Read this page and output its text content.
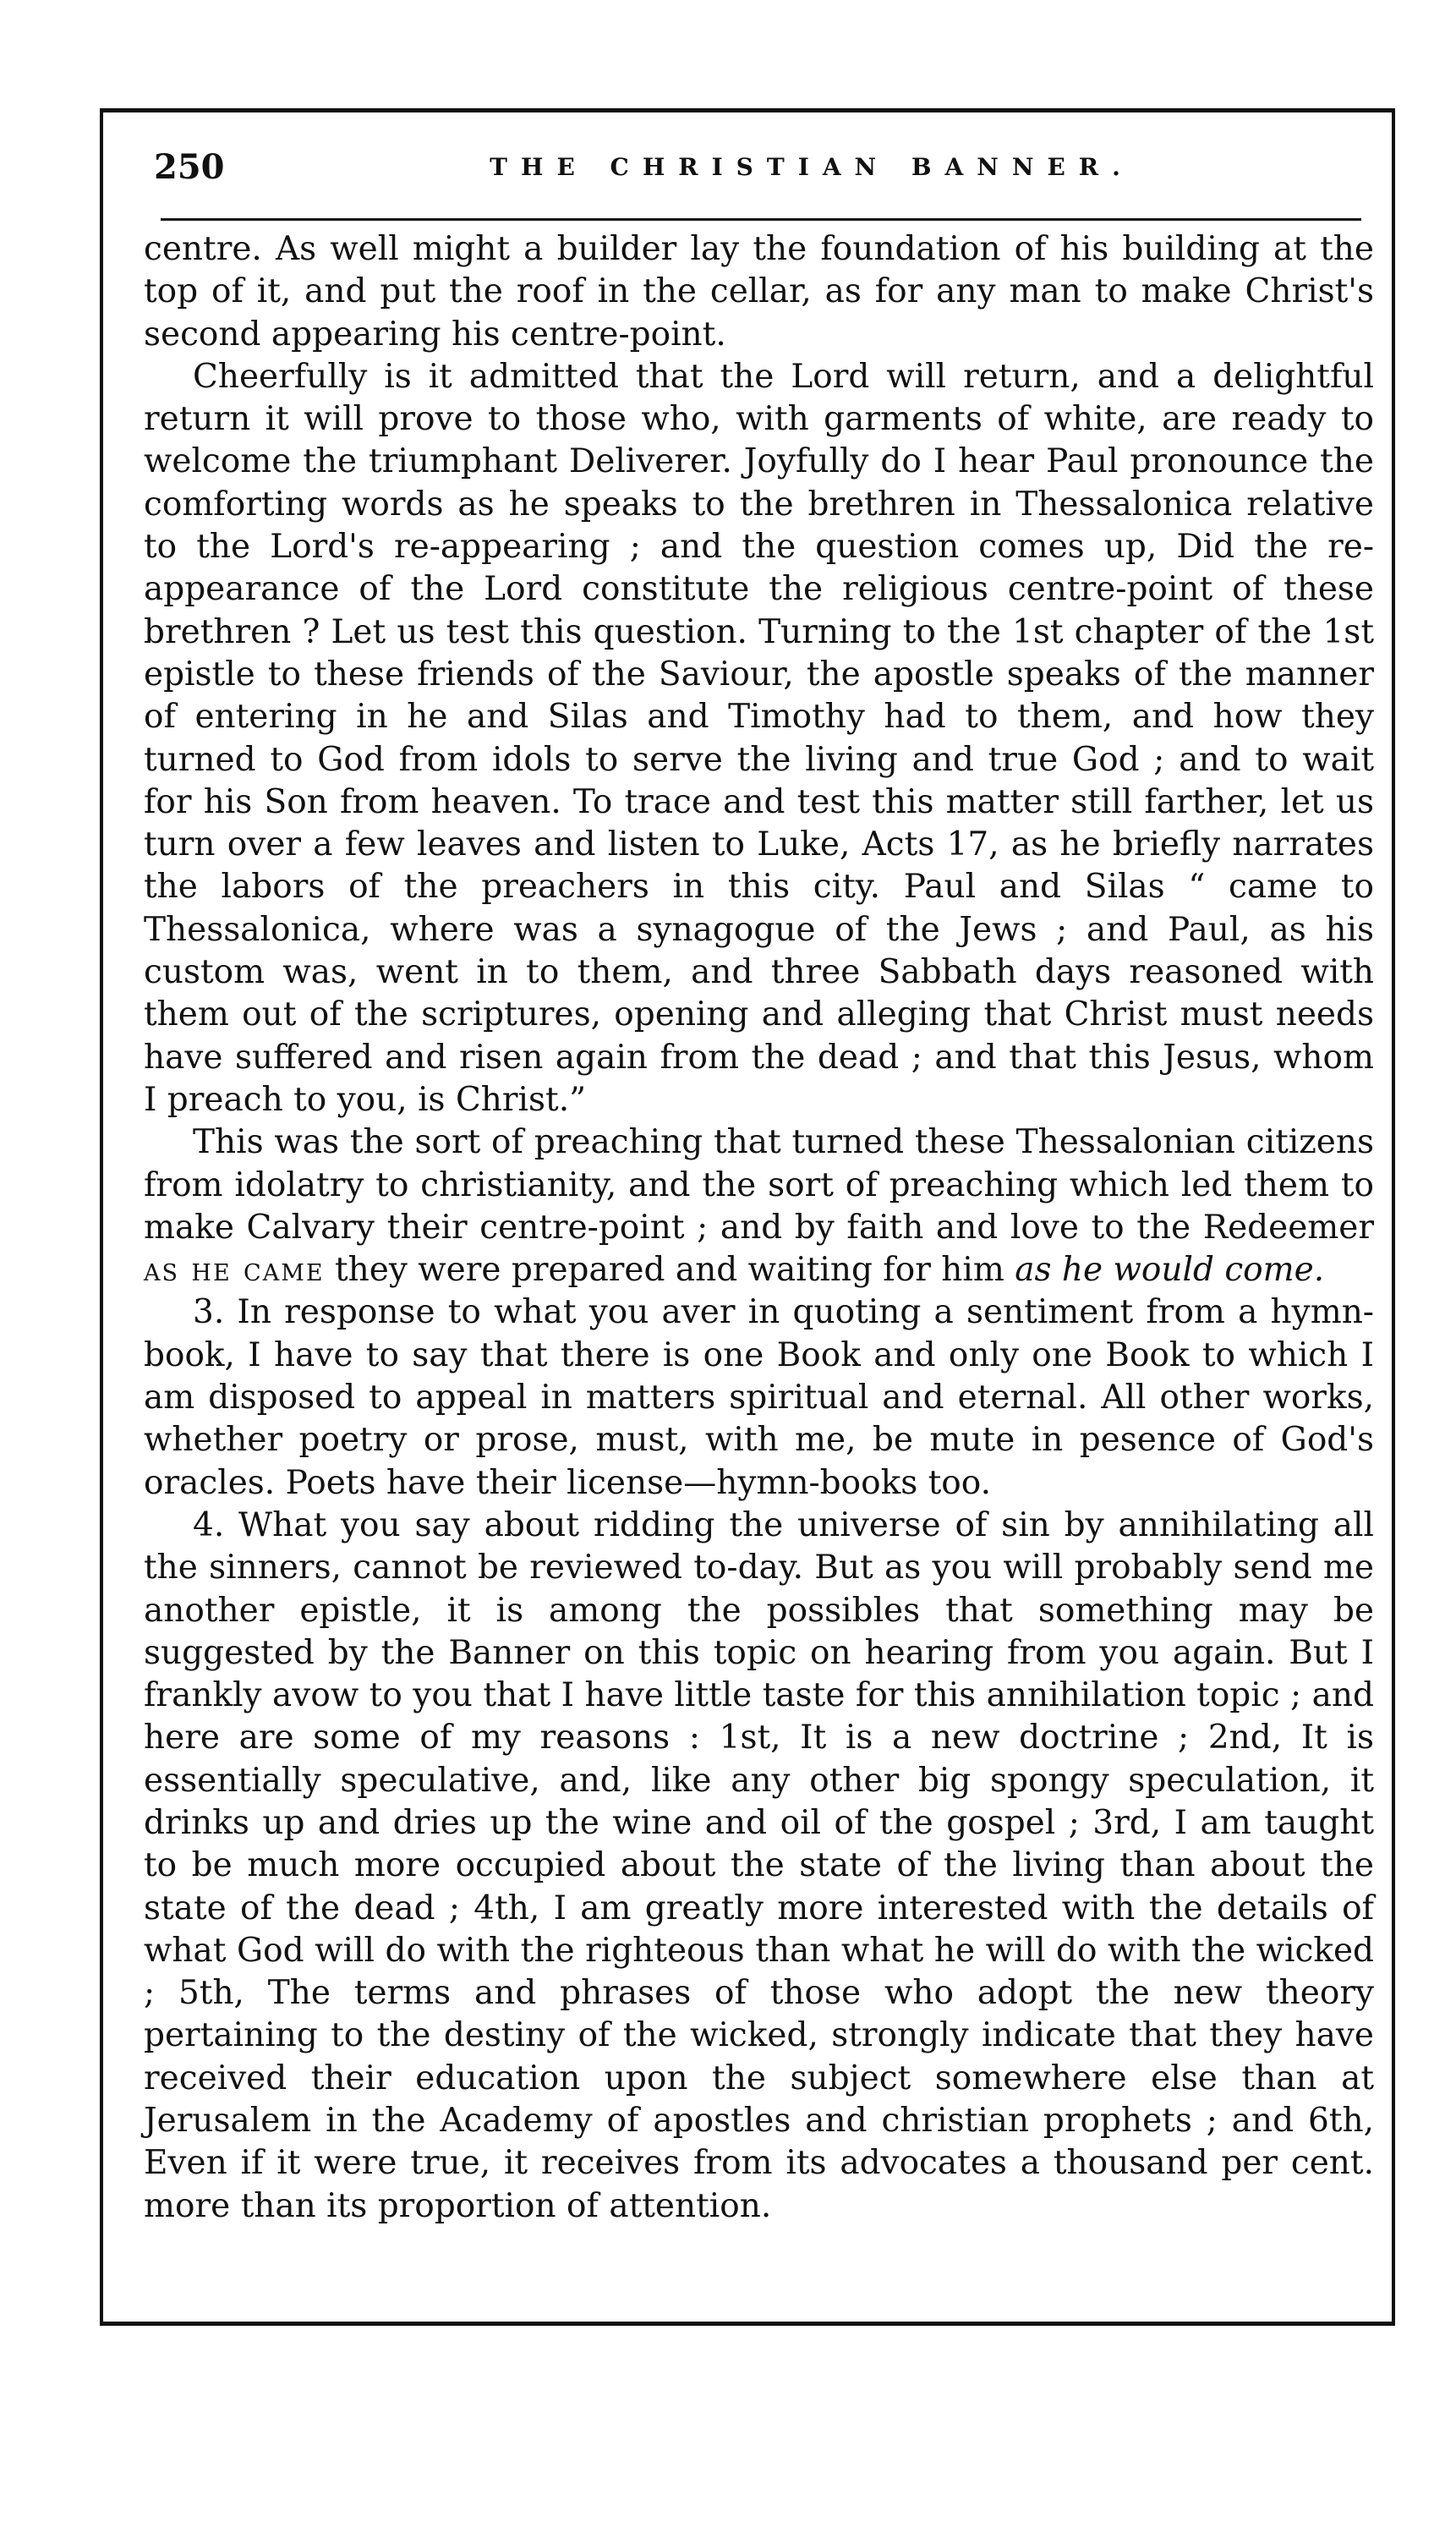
250	THE CHRISTIAN BANNER.

centre. As well might a builder lay the foundation of his building at the top of it, and put the roof in the cellar, as for any man to make Christ's second appearing his centre-point.

Cheerfully is it admitted that the Lord will return, and a delightful return it will prove to those who, with garments of white, are ready to welcome the triumphant Deliverer. Joyfully do I hear Paul pronounce the comforting words as he speaks to the brethren in Thessalonica relative to the Lord's re-appearing ; and the question comes up, Did the re-appearance of the Lord constitute the religious centre-point of these brethren ? Let us test this question. Turning to the 1st chapter of the 1st epistle to these friends of the Saviour, the apostle speaks of the manner of entering in he and Silas and Timothy had to them, and how they turned to God from idols to serve the living and true God ; and to wait for his Son from heaven. To trace and test this matter still farther, let us turn over a few leaves and listen to Luke, Acts 17, as he briefly narrates the labors of the preachers in this city. Paul and Silas “ came to Thessalonica, where was a synagogue of the Jews ; and Paul, as his custom was, went in to them, and three Sabbath days reasoned with them out of the scriptures, opening and alleging that Christ must needs have suffered and risen again from the dead ; and that this Jesus, whom I preach to you, is Christ.”

This was the sort of preaching that turned these Thessalonian citizens from idolatry to christianity, and the sort of preaching which led them to make Calvary their centre-point ; and by faith and love to the Redeemer as he came they were prepared and waiting for him as he would come.

3. In response to what you aver in quoting a sentiment from a hymn-book, I have to say that there is one Book and only one Book to which I am disposed to appeal in matters spiritual and eternal. All other works, whether poetry or prose, must, with me, be mute in pesence of God's oracles. Poets have their license—hymn-books too.

4. What you say about ridding the universe of sin by annihilating all the sinners, cannot be reviewed to-day. But as you will probably send me another epistle, it is among the possibles that something may be suggested by the Banner on this topic on hearing from you again. But I frankly avow to you that I have little taste for this annihilation topic ; and here are some of my reasons : 1st, It is a new doctrine ; 2nd, It is essentially speculative, and, like any other big spongy speculation, it drinks up and dries up the wine and oil of the gospel ; 3rd, I am taught to be much more occupied about the state of the living than about the state of the dead ; 4th, I am greatly more interested with the details of what God will do with the righteous than what he will do with the wicked ; 5th, The terms and phrases of those who adopt the new theory pertaining to the destiny of the wicked, strongly indicate that they have received their education upon the subject somewhere else than at Jerusalem in the Academy of apostles and christian prophets ; and 6th, Even if it were true, it receives from its advocates a thousand per cent. more than its proportion of attention.
